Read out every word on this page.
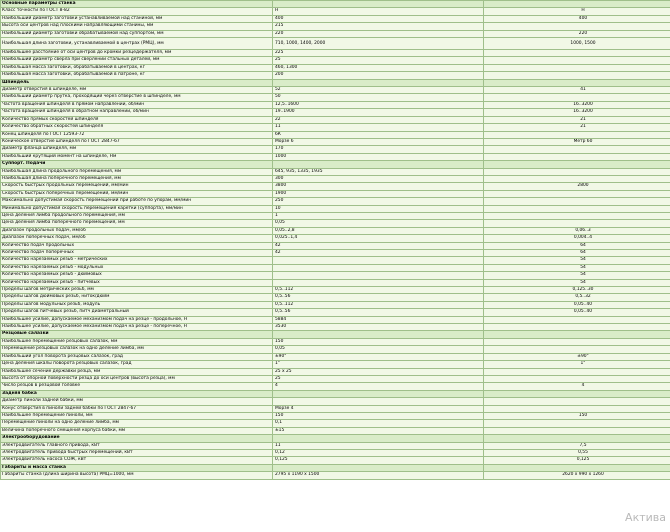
Основные параметры станка		
Класс точности по ГОСТ 8-82	Н	Н
Наибольший диаметр заготовки устанавливаемой над станиной, мм	400	400
Высота оси центров над плоскими направляющими станины, мм	215	
Наибольший диаметр заготовки обрабатываемой над суппортом, мм	220	220
Наибольшая длина заготовки, устанавливаемой в центрах (РМЦ), мм	710, 1000, 1400, 2000	1000, 1500
Наибольшее расстояние от оси центров до кромки резцедержателя, мм	225	
Наибольший диаметр сверла при сверлении стальных деталей, мм	25	
Наибольшая масса заготовки, обрабатываемой в центрах, кг	460, 1300	
Наибольшая масса заготовки, обрабатываемой в патроне, кг	200	
Шпиндель		
Диаметр отверстия в шпинделе, мм	52	41
Наибольший диаметр прутка, проходящий через отверстие в шпинделе, мм	50	
Частота вращения шпинделя в прямом направлении, об/мин	12,5..1600	16..3200
Частота вращения шпинделя в обратном направлении, об/мин	19..1900	16..3200
Количество прямых скоростей шпинделя	22	21
Количество обратных скоростей шпинделя	11	21
Конец шпинделя по ГОСТ 12593-72	6К	
Коническое отверстие шпинделя по ГОСТ 2847-67	Морзе 6	Метр 60
Диаметр фланца шпинделя, мм	170	
Наибольший крутящий момент на шпинделе, Нм	1000	
Суппорт. Подачи		
Наибольшая длина продольного перемещения, мм	645, 935, 1335, 1935	
Наибольшая длина поперечного перемещения, мм	300	
Скорость быстрых продольных перемещений, мм/мин	3800	2800
Скорость быстрых поперечных перемещений, мм/мин	1900	
Максимально допустимая скорость перемещений при работе по упорам, мм/мин	250	
Минимально допустимая скорость перемещения каретки (суппорта), мм/мин	10	
Цена деления лимба продольного перемещения, мм	1	
Цена деления лимба поперечного перемещения, мм	0,05	
Диапазон продольных подач, мм/об	0,05..2,8	0,06..3
Диапазон поперечных подач, мм/об	0,025..1,4	0,004..4
Количество подач продольных	42	64
Количество подач поперечных	42	64
Количество нарезаемых резьб - метрических		54
Количество нарезаемых резьб - модульных		54
Количество нарезаемых резьб - дюймовых		54
Количество нарезаемых резьб - питчевых		54
Пределы шагов метрических резьб, мм	0,5..112	0,125..30
Пределы шагов дюймовых резьб, ниток/дюйм	0,5..56	0,5..32
Пределы шагов модульных резьб, модуль	0,5..112	0,05..40
Пределы шагов питчевых резьб, питч диаметральный	0,5..56	0,05..40
Наибольшее усилие, допускаемое механизмом подач на резце - продольное, Н	5884	
Наибольшее усилие, допускаемое механизмом подач на резце - поперечное, Н	3530	
Резцовые салазки		
Наибольшее перемещение резцовых салазок, мм	150	
Перемещение резцовых салазок на одно деление лимба, мм	0,05	
Наибольший угол поворота резцовых салазок, град	±90°	±90°
Цена деления шкалы поворота резцовых салазок, град	1°	1°
Наибольшее сечение державки резца, мм	25 х 25	
Высота от опорной поверхности резца до оси центров (высота резца), мм	25	
Число резцов в резцовой головке	4	4
Задняя бабка		
Диаметр пиноли задней бабки, мм		
Конус отверстия в пиноли задней бабки по ГОСТ 2847-67	Морзе 4	
Наибольшее перемещение пиноли, мм	150	150
Перемещение пиноли на одно деление лимба, мм	0,1	
Величина поперечного смещения корпуса бабки, мм	±15	
Электрооборудование		
Электродвигатель главного привода, кВт	11	7,5
Электродвигатель привода быстрых перемещений, кВт	0,12	0,55
Электродвигатель насоса СОЖ, кВт	0,125	0,125
Габариты и масса станка		
Габариты станка (длина ширина высота) РМЦ=1000, мм	2795 х 1190 х 1500	2620 х 990 х 1260
Актива
